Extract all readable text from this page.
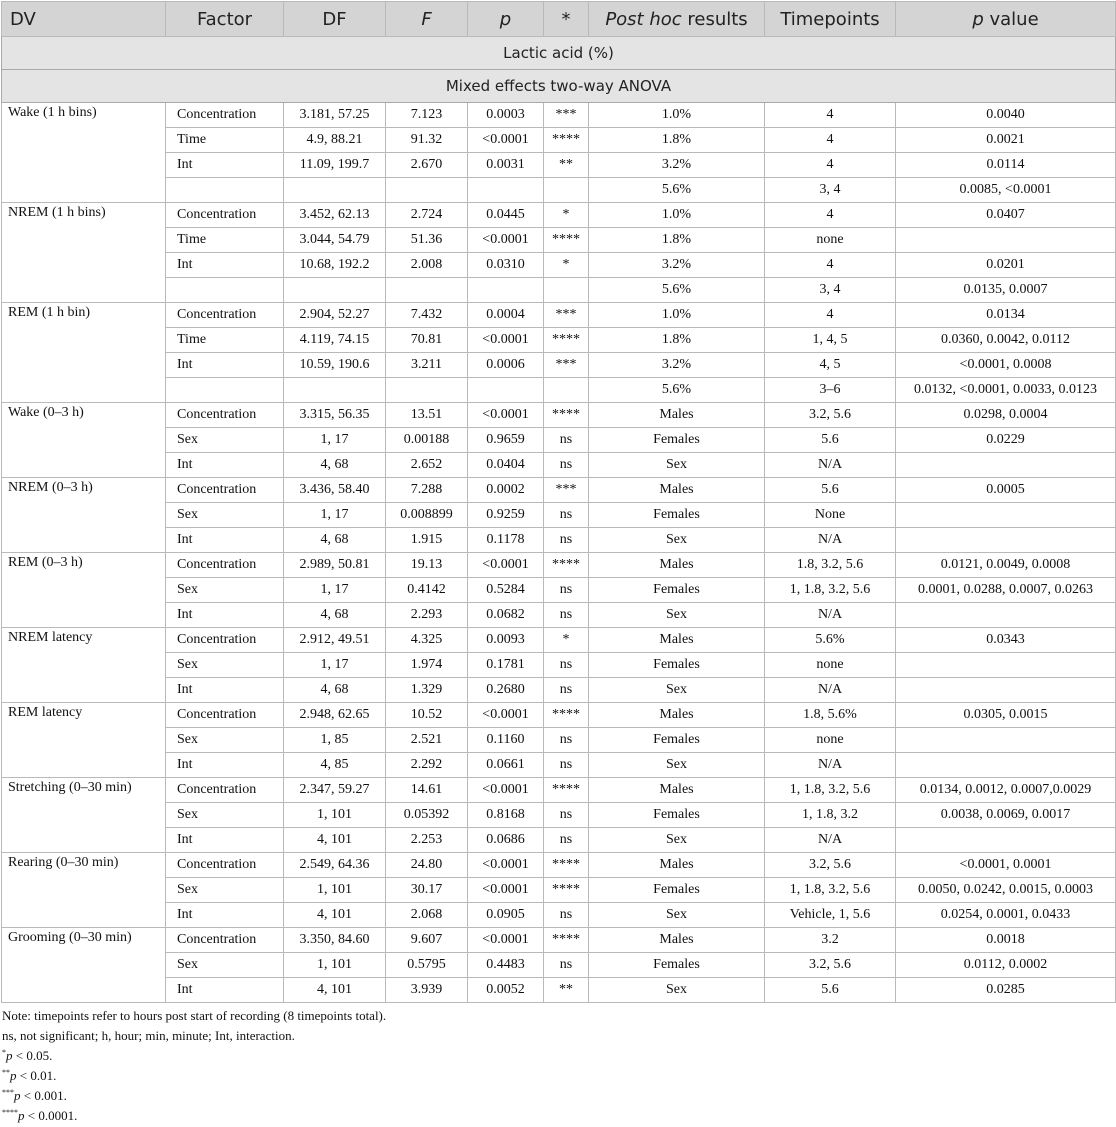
DV	Factor	DF	F	p	*	Post hoc results	Timepoints	p value
Lactic acid (%)								
Mixed effects two-way ANOVA								
Wake (1 h bins)	Concentration	3.181, 57.25	7.123	0.0003	***	1.0%	4	0.0040
	Time	4.9, 88.21	91.32	<0.0001	****	1.8%	4	0.0021
	Int	11.09, 199.7	2.670	0.0031	**	3.2%	4	0.0114
						5.6%	3, 4	0.0085, <0.0001
NREM (1 h bins)	Concentration	3.452, 62.13	2.724	0.0445	*	1.0%	4	0.0407
	Time	3.044, 54.79	51.36	<0.0001	****	1.8%	none	
	Int	10.68, 192.2	2.008	0.0310	*	3.2%	4	0.0201
						5.6%	3, 4	0.0135, 0.0007
REM (1 h bin)	Concentration	2.904, 52.27	7.432	0.0004	***	1.0%	4	0.0134
	Time	4.119, 74.15	70.81	<0.0001	****	1.8%	1, 4, 5	0.0360, 0.0042, 0.0112
	Int	10.59, 190.6	3.211	0.0006	***	3.2%	4, 5	<0.0001, 0.0008
						5.6%	3–6	0.0132, <0.0001, 0.0033, 0.0123
Wake (0–3 h)	Concentration	3.315, 56.35	13.51	<0.0001	****	Males	3.2, 5.6	0.0298, 0.0004
	Sex	1, 17	0.00188	0.9659	ns	Females	5.6	0.0229
	Int	4, 68	2.652	0.0404	ns	Sex	N/A	
NREM (0–3 h)	Concentration	3.436, 58.40	7.288	0.0002	***	Males	5.6	0.0005
	Sex	1, 17	0.008899	0.9259	ns	Females	None	
	Int	4, 68	1.915	0.1178	ns	Sex	N/A	
REM (0–3 h)	Concentration	2.989, 50.81	19.13	<0.0001	****	Males	1.8, 3.2, 5.6	0.0121, 0.0049, 0.0008
	Sex	1, 17	0.4142	0.5284	ns	Females	1, 1.8, 3.2, 5.6	0.0001, 0.0288, 0.0007, 0.0263
	Int	4, 68	2.293	0.0682	ns	Sex	N/A	
NREM latency	Concentration	2.912, 49.51	4.325	0.0093	*	Males	5.6%	0.0343
	Sex	1, 17	1.974	0.1781	ns	Females	none	
	Int	4, 68	1.329	0.2680	ns	Sex	N/A	
REM latency	Concentration	2.948, 62.65	10.52	<0.0001	****	Males	1.8, 5.6%	0.0305, 0.0015
	Sex	1, 85	2.521	0.1160	ns	Females	none	
	Int	4, 85	2.292	0.0661	ns	Sex	N/A	
Stretching (0–30 min)	Concentration	2.347, 59.27	14.61	<0.0001	****	Males	1, 1.8, 3.2, 5.6	0.0134, 0.0012, 0.0007,0.0029
	Sex	1, 101	0.05392	0.8168	ns	Females	1, 1.8, 3.2	0.0038, 0.0069, 0.0017
	Int	4, 101	2.253	0.0686	ns	Sex	N/A	
Rearing (0–30 min)	Concentration	2.549, 64.36	24.80	<0.0001	****	Males	3.2, 5.6	<0.0001, 0.0001
	Sex	1, 101	30.17	<0.0001	****	Females	1, 1.8, 3.2, 5.6	0.0050, 0.0242, 0.0015, 0.0003
	Int	4, 101	2.068	0.0905	ns	Sex	Vehicle, 1, 5.6	0.0254, 0.0001, 0.0433
Grooming (0–30 min)	Concentration	3.350, 84.60	9.607	<0.0001	****	Males	3.2	0.0018
	Sex	1, 101	0.5795	0.4483	ns	Females	3.2, 5.6	0.0112, 0.0002
	Int	4, 101	3.939	0.0052	**	Sex	5.6	0.0285
Note: timepoints refer to hours post start of recording (8 timepoints total).
ns, not significant; h, hour; min, minute; Int, interaction.
*p < 0.05.
**p < 0.01.
***p < 0.001.
****p < 0.0001.
